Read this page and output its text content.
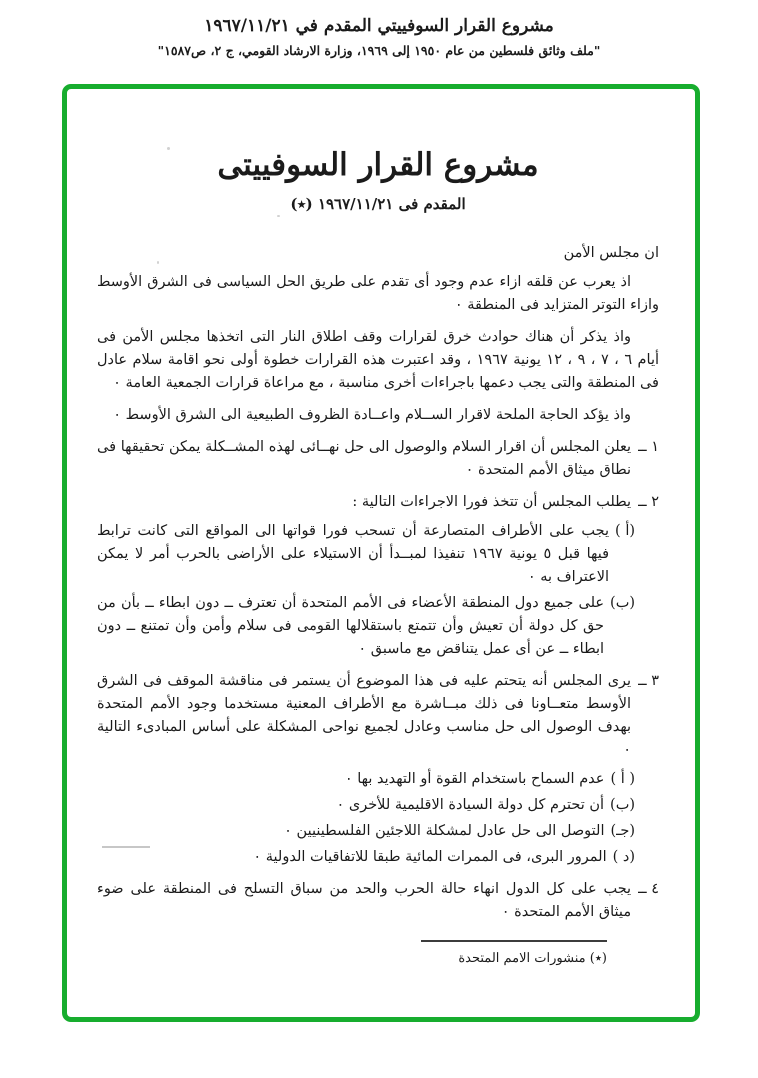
مشروع القرار السوفييتي المقدم في ١٩٦٧/١١/٢١
"ملف وثائق فلسطين من عام ١٩٥٠ إلى ١٩٦٩، وزارة الارشاد القومي، ج ٢، ص١٥٨٧"
مشروع القرار السوفييتى
المقدم فى ١٩٦٧/١١/٢١ (٭)

ان مجلس الأمن

اذ يعرب عن قلقه ازاء عدم وجود أى تقدم على طريق الحل السياسى فى الشرق الأوسط وازاء التوتر المتزايد فى المنطقة ٠

واذ يذكر أن هناك حوادث خرق لقرارات وقف اطلاق النار التى اتخذها مجلس الأمن فى أيام ٦ ، ٧ ، ٩ ، ١٢ يونية ١٩٦٧ ، وقد اعتبرت هذه القرارات خطوة أولى نحو اقامة سلام عادل فى المنطقة والتى يجب دعمها باجراءات أخرى مناسبة ، مع مراعاة قرارات الجمعية العامة ٠

واذ يؤكد الحاجة الملحة لاقرار الســلام واعــادة الظروف الطبيعية الى الشرق الأوسط ٠

١ ــ
يعلن المجلس أن اقرار السلام والوصول الى حل نهــائى لهذه المشــكلة يمكن تحقيقها فى نطاق ميثاق الأمم المتحدة ٠
٢ ــ
يطلب المجلس أن تتخذ فورا الاجراءات التالية :
(أ )
يجب على الأطراف المتصارعة أن تسحب فورا قواتها الى المواقع التى كانت ترابط فيها قبل ٥ يونية ١٩٦٧ تنفيذا لمبــدأ أن الاستيلاء على الأراضى بالحرب أمر لا يمكن الاعتراف به ٠
(ب)
على جميع دول المنطقة الأعضاء فى الأمم المتحدة أن تعترف ــ دون ابطاء ــ بأن من حق كل دولة أن تعيش وأن تتمتع باستقلالها القومى فى سلام وأمن وأن تمتنع ــ دون ابطاء ــ عن أى عمل يتناقض مع ماسبق ٠
٣ ــ
يرى المجلس أنه يتحتم عليه فى هذا الموضوع أن يستمر فى مناقشة الموقف فى الشرق الأوسط متعــاونا فى ذلك مبــاشرة مع الأطراف المعنية مستخدما وجود الأمم المتحدة بهدف الوصول الى حل مناسب وعادل لجميع نواحى المشكلة على أساس المبادىء التالية ٠
( أ )
عدم السماح باستخدام القوة أو التهديد بها ٠
(ب)
أن تحترم كل دولة السيادة الاقليمية للأخرى ٠
(جـ)
التوصل الى حل عادل لمشكلة اللاجئين الفلسطينيين ٠
(د )
المرور البرى، فى الممرات المائية طبقا للاتفاقيات الدولية ٠
٤ ــ
يجب على كل الدول انهاء حالة الحرب والحد من سباق التسلح فى المنطقة على ضوء ميثاق الأمم المتحدة ٠
(٭) منشورات الامم المتحدة
